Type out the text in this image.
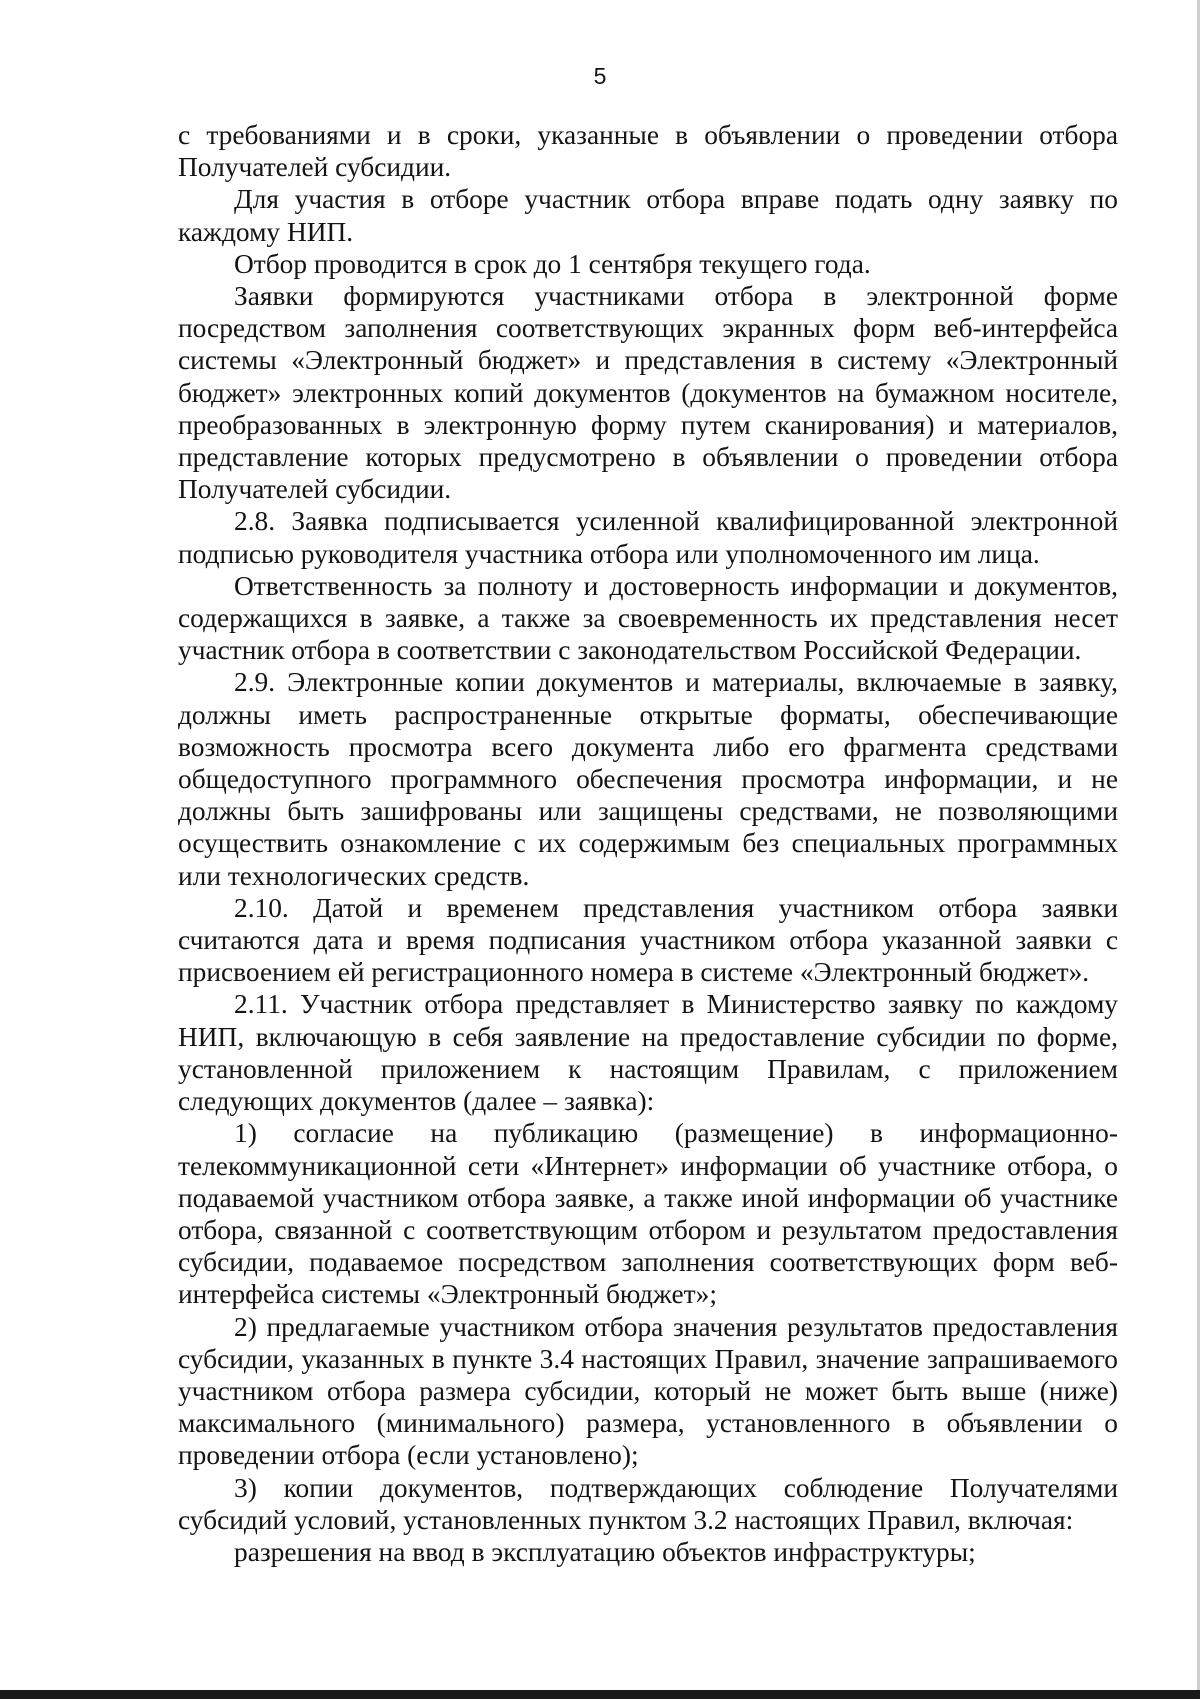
5

с требованиями и в сроки, указанные в объявлении о проведении отбора Получателей субсидии.

Для участия в отборе участник отбора вправе подать одну заявку по каждому НИП.

Отбор проводится в срок до 1 сентября текущего года.

Заявки формируются участниками отбора в электронной форме посредством заполнения соответствующих экранных форм веб-интерфейса системы «Электронный бюджет» и представления в систему «Электронный бюджет» электронных копий документов (документов на бумажном носителе, преобразованных в электронную форму путем сканирования) и материалов, представление которых предусмотрено в объявлении о проведении отбора Получателей субсидии.

2.8. Заявка подписывается усиленной квалифицированной электронной подписью руководителя участника отбора или уполномоченного им лица.

Ответственность за полноту и достоверность информации и документов, содержащихся в заявке, а также за своевременность их представления несет участник отбора в соответствии с законодательством Российской Федерации.

2.9. Электронные копии документов и материалы, включаемые в заявку, должны иметь распространенные открытые форматы, обеспечивающие возможность просмотра всего документа либо его фрагмента средствами общедоступного программного обеспечения просмотра информации, и не должны быть зашифрованы или защищены средствами, не позволяющими осуществить ознакомление с их содержимым без специальных программных или технологических средств.

2.10. Датой и временем представления участником отбора заявки считаются дата и время подписания участником отбора указанной заявки с присвоением ей регистрационного номера в системе «Электронный бюджет».

2.11. Участник отбора представляет в Министерство заявку по каждому НИП, включающую в себя заявление на предоставление субсидии по форме, установленной приложением к настоящим Правилам, с приложением следующих документов (далее – заявка):

1) согласие на публикацию (размещение) в информационно-телекоммуникационной сети «Интернет» информации об участнике отбора, о подаваемой участником отбора заявке, а также иной информации об участнике отбора, связанной с соответствующим отбором и результатом предоставления субсидии, подаваемое посредством заполнения соответствующих форм веб-интерфейса системы «Электронный бюджет»;

2) предлагаемые участником отбора значения результатов предоставления субсидии, указанных в пункте 3.4 настоящих Правил, значение запрашиваемого участником отбора размера субсидии, который не может быть выше (ниже) максимального (минимального) размера, установленного в объявлении о проведении отбора (если установлено);

3) копии документов, подтверждающих соблюдение Получателями субсидий условий, установленных пунктом 3.2 настоящих Правил, включая:

разрешения на ввод в эксплуатацию объектов инфраструктуры;
